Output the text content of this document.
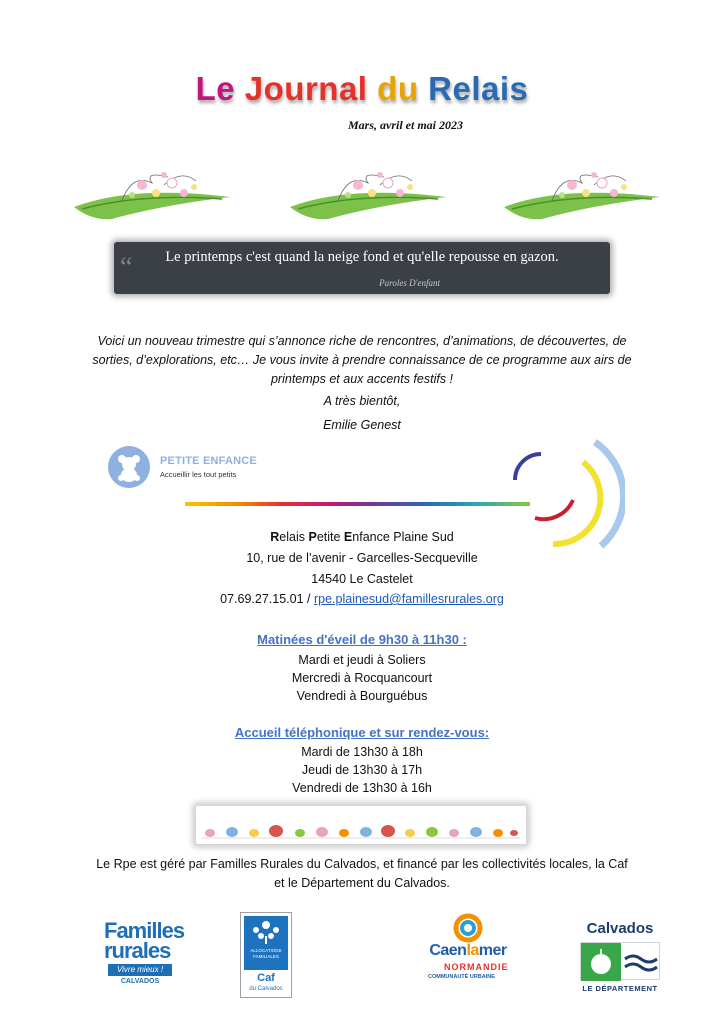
Le Journal du Relais
Mars, avril et mai 2023
“	Le printemps c'est quand la neige fond et qu'elle repousse en gazon.
Paroles D'enfant
Voici un nouveau trimestre qui s’annonce riche de rencontres, d’animations, de découvertes, de sorties, d’explorations, etc… Je vous invite à prendre connaissance de ce programme aux airs de printemps et aux accents festifs !
A très bientôt,
Emilie Genest
PETITE ENFANCE
Accueillir les tout petits
Relais Petite Enfance Plaine Sud
10, rue de l’avenir - Garcelles-Secqueville
14540 Le Castelet
07.69.27.15.01 / rpe.plainesud@famillesrurales.org
Matinées d'éveil de 9h30 à 11h30 :
Mardi et jeudi à Soliers
Mercredi à Rocquancourt
Vendredi à Bourguébus
Accueil téléphonique et sur rendez-vous:
Mardi de 13h30 à 18h
Jeudi de 13h30 à 17h
Vendredi de 13h30 à 16h
Le Rpe est géré par Familles Rurales du Calvados, et financé par les collectivités locales, la Caf et le Département du Calvados.
Familles
rurales
Vivre mieux !
CALVADOS
ALLOCATIONS FAMILIALES
Caf
du Calvados
Caenlamer
NORMANDIE
COMMUNAUTÉ URBAINE
Calvados
LE DÉPARTEMENT
